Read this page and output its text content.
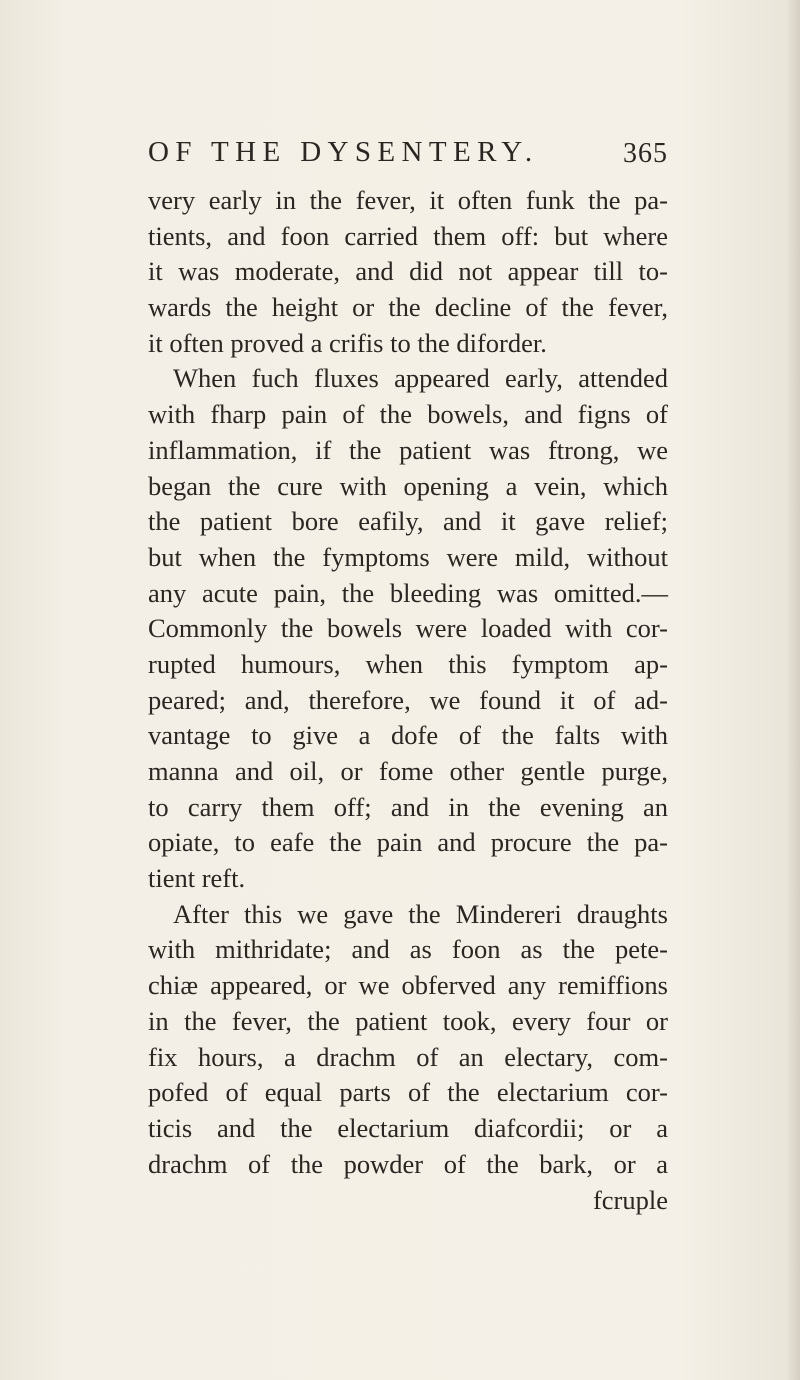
OF THE DYSENTERY.	365
very early in the fever, it often funk the pa-
tients, and foon carried them off: but where
it was moderate, and did not appear till to-
wards the height or the decline of the fever,
it often proved a crifis to the diforder.
When fuch fluxes appeared early, attended
with fharp pain of the bowels, and figns of
inflammation, if the patient was ftrong, we
began the cure with opening a vein, which
the patient bore eafily, and it gave relief;
but when the fymptoms were mild, without
any acute pain, the bleeding was omitted.—
Commonly the bowels were loaded with cor-
rupted humours, when this fymptom ap-
peared; and, therefore, we found it of ad-
vantage to give a dofe of the falts with
manna and oil, or fome other gentle purge,
to carry them off; and in the evening an
opiate, to eafe the pain and procure the pa-
tient reft.
After this we gave the Mindereri draughts
with mithridate; and as foon as the pete-
chiæ appeared, or we obferved any remiffions
in the fever, the patient took, every four or
fix hours, a drachm of an electary, com-
pofed of equal parts of the electarium cor-
ticis and the electarium diafcordii; or a
drachm of the powder of the bark, or a
fcruple
